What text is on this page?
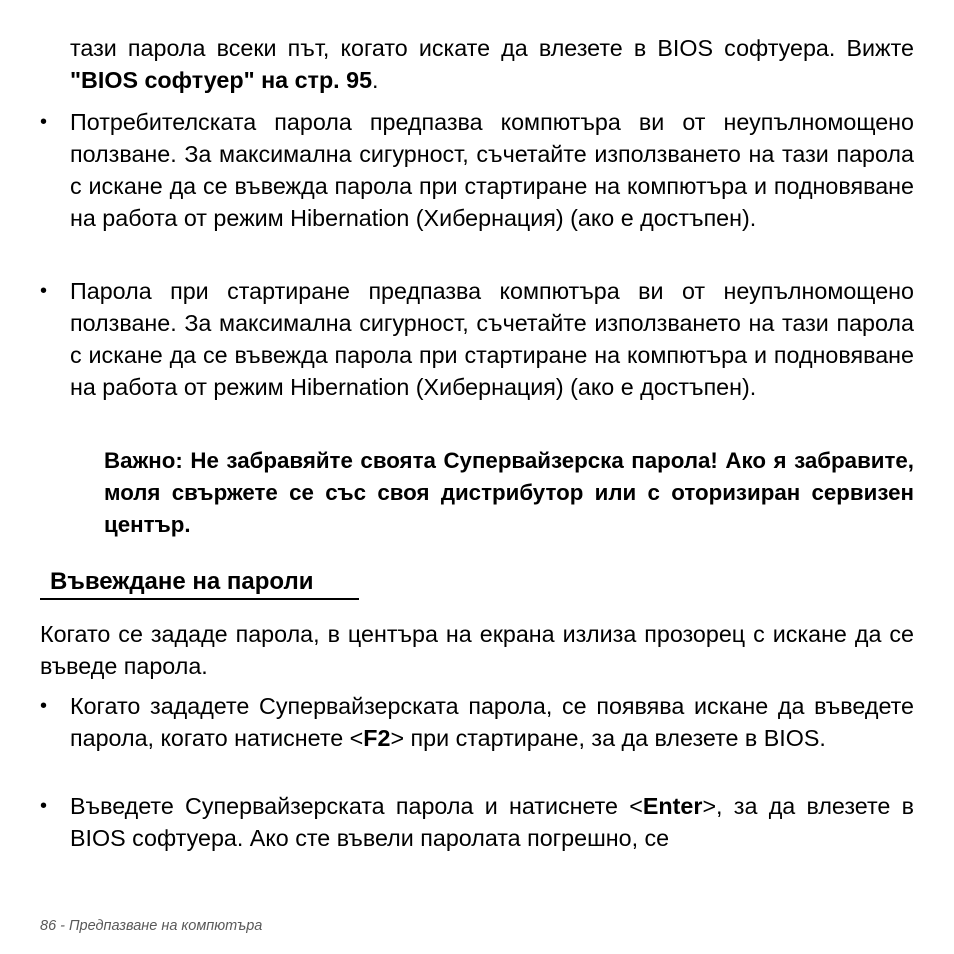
тази парола всеки път, когато искате да влезете в BIOS софтуера. Вижте "BIOS софтуер" на стр. 95.

• Потребителската парола предпазва компютъра ви от неупълномощено ползване. За максимална сигурност, съчетайте използването на тази парола с искане да се въвежда парола при стартиране на компютъра и подновяване на работа от режим Hibernation (Хибернация) (ако е достъпен).

• Парола при стартиране предпазва компютъра ви от неупълномощено ползване. За максимална сигурност, съчетайте използването на тази парола с искане да се въвежда парола при стартиране на компютъра и подновяване на работа от режим Hibernation (Хибернация) (ако е достъпен).

Важно: Не забравяйте своята Супервайзерска парола! Ако я забравите, моля свържете се със своя дистрибутор или с оторизиран сервизен център.

Въвеждане на пароли

Когато се зададе парола, в центъра на екрана излиза прозорец с искане да се въведе парола.

• Когато зададете Супервайзерската парола, се появява искане да въведете парола, когато натиснете <F2> при стартиране, за да влезете в BIOS.

• Въведете Супервайзерската парола и натиснете <Enter>, за да влезете в BIOS софтуера. Ако сте въвели паролата погрешно, се

86 - Предпазване на компютъра
